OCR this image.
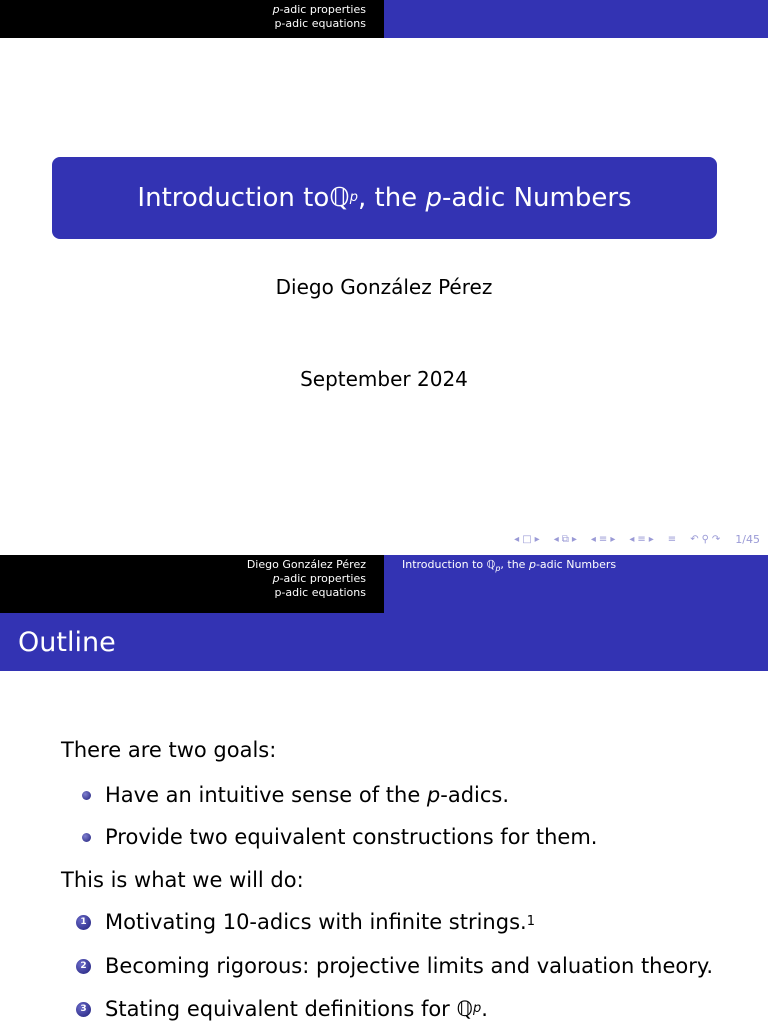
p-adic properties
p-adic equations
Introduction to ℚ p , the p -adic Numbers
Diego González Pérez
September 2024
◂ □ ▸ ◂ ⧉ ▸ ◂ ≡ ▸ ◂ ≡ ▸ ≡ ↶ ⚲ ↷ 1/45
Diego González Pérez
p-adic properties
p-adic equations
Introduction to ℚ$_p$, the p-adic Numbers
Outline
There are two goals:
Have an intuitive sense of the p -adics.
Provide two equivalent constructions for them.
This is what we will do:
1 Motivating 10-adics with infinite strings. 1
2 Becoming rigorous: projective limits and valuation theory.
3 Stating equivalent definitions for ℚ p .
